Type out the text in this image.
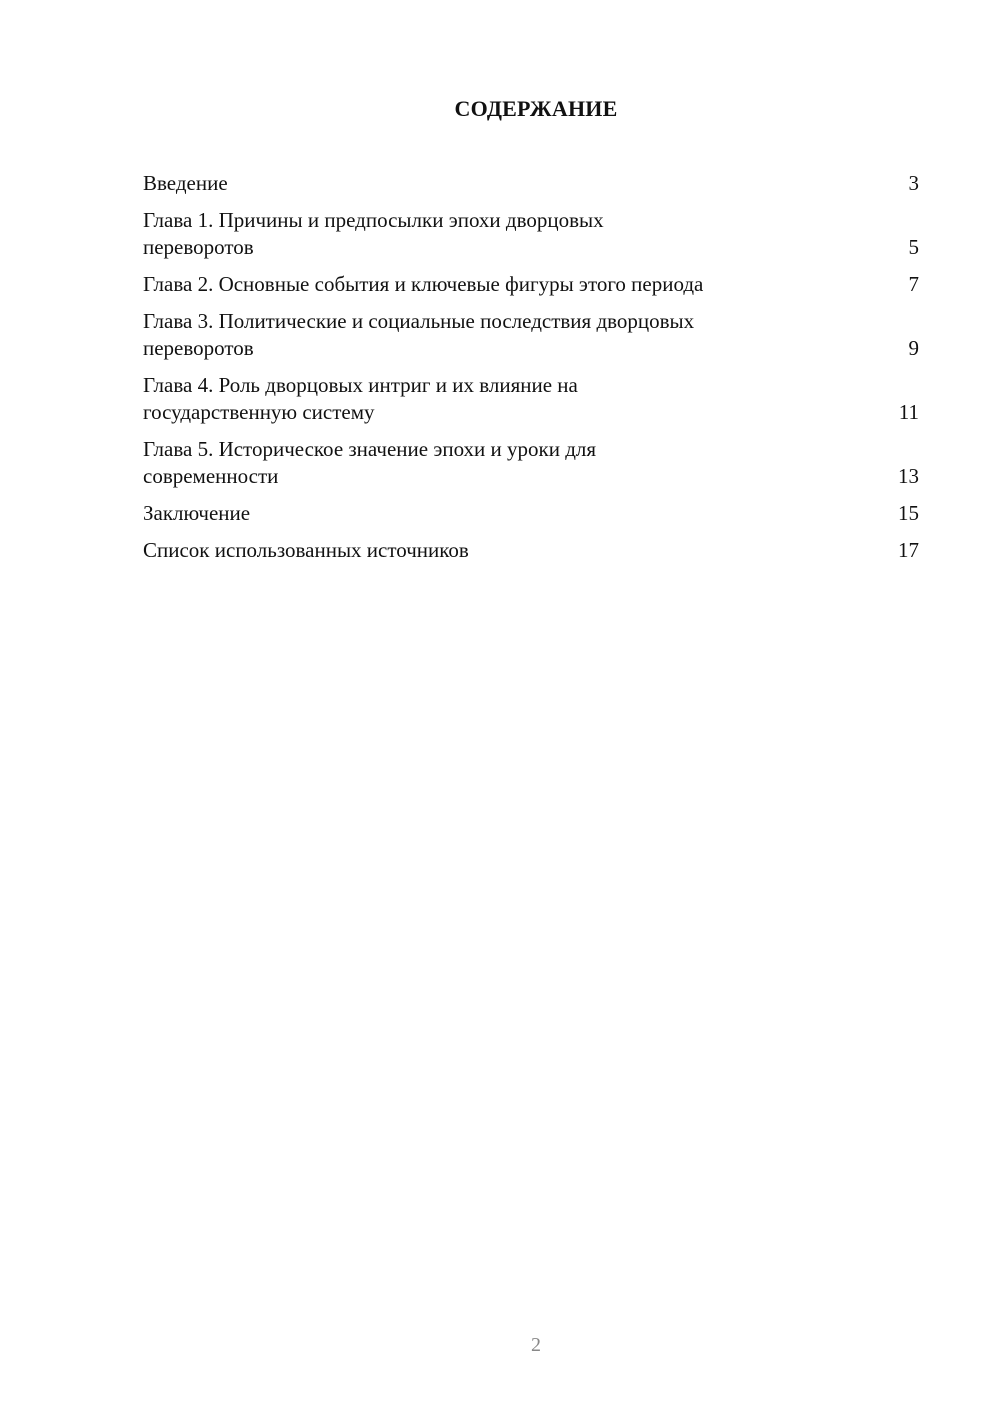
СОДЕРЖАНИЕ
Введение	3
Глава 1. Причины и предпосылки эпохи дворцовых
переворотов	5
Глава 2. Основные события и ключевые фигуры этого периода	7
Глава 3. Политические и социальные последствия дворцовых
переворотов	9
Глава 4. Роль дворцовых интриг и их влияние на
государственную систему	11
Глава 5. Историческое значение эпохи и уроки для
современности	13
Заключение	15
Список использованных источников	17
2
